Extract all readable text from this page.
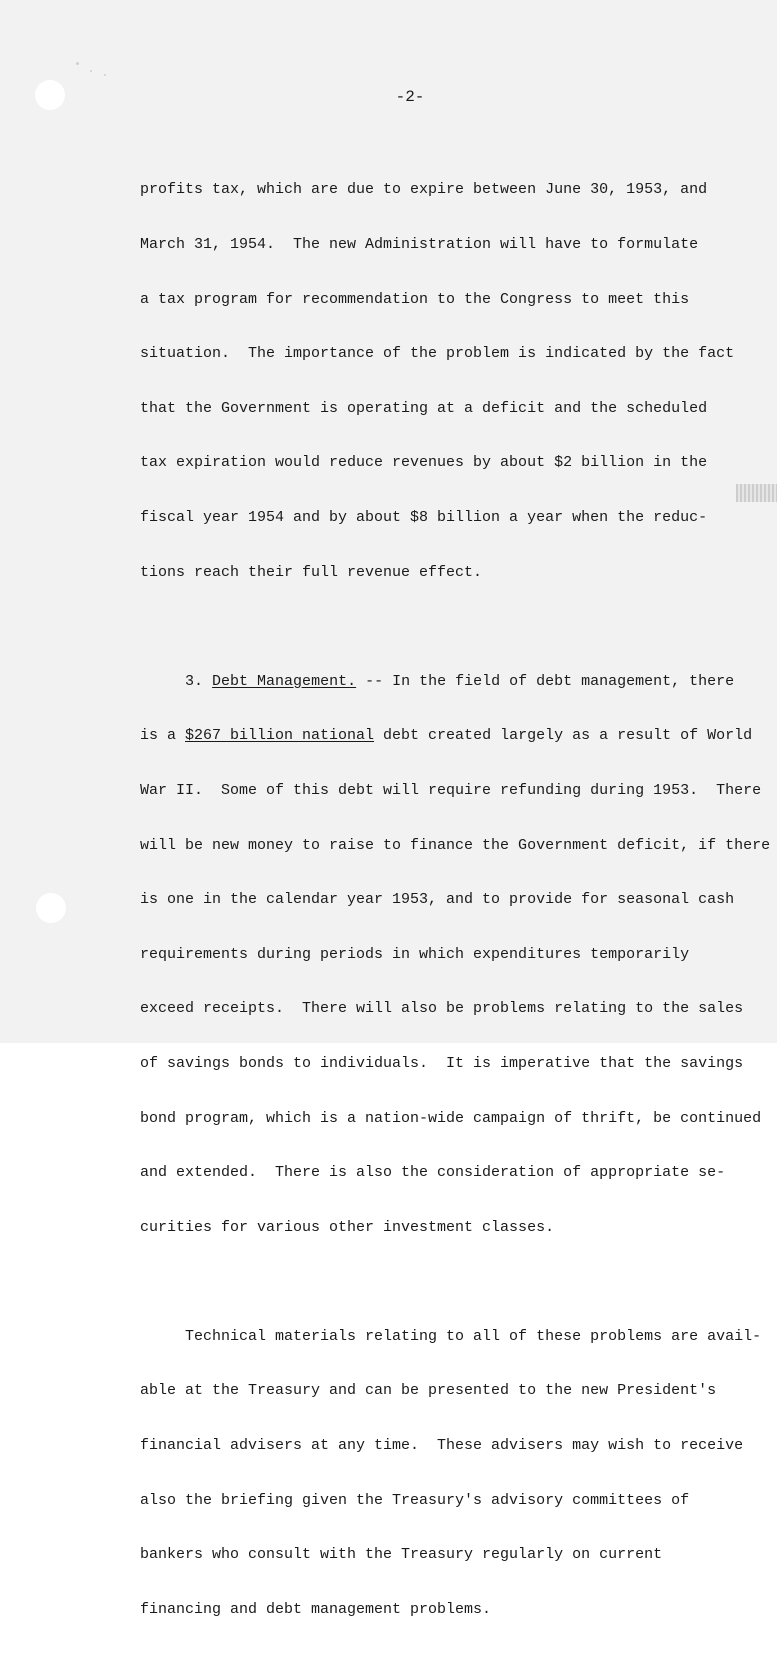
-2-

profits tax, which are due to expire between June 30, 1953, and

March 31, 1954.  The new Administration will have to formulate

a tax program for recommendation to the Congress to meet this

situation.  The importance of the problem is indicated by the fact

that the Government is operating at a deficit and the scheduled

tax expiration would reduce revenues by about $2 billion in the

fiscal year 1954 and by about $8 billion a year when the reduc-

tions reach their full revenue effect.

3. Debt Management. -- In the field of debt management, there

is a $267 billion national debt created largely as a result of World

War II.  Some of this debt will require refunding during 1953.  There

will be new money to raise to finance the Government deficit, if there

is one in the calendar year 1953, and to provide for seasonal cash

requirements during periods in which expenditures temporarily

exceed receipts.  There will also be problems relating to the sales

of savings bonds to individuals.  It is imperative that the savings

bond program, which is a nation-wide campaign of thrift, be continued

and extended.  There is also the consideration of appropriate se-

curities for various other investment classes.

Technical materials relating to all of these problems are avail-

able at the Treasury and can be presented to the new President's

financial advisers at any time.  These advisers may wish to receive

also the briefing given the Treasury's advisory committees of

bankers who consult with the Treasury regularly on current

financing and debt management problems.
